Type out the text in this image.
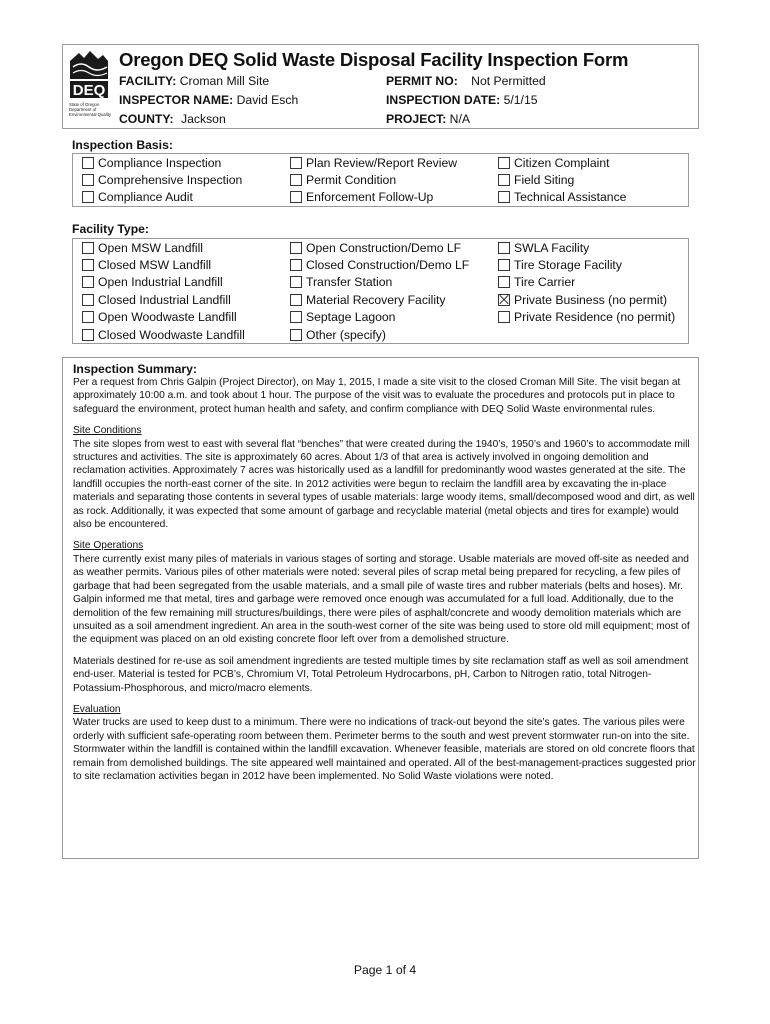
DEQ
State of Oregon Department of Environmental Quality
Oregon DEQ Solid Waste Disposal Facility Inspection Form
FACILITY: Croman Mill Site	PERMIT NO: Not Permitted
INSPECTOR NAME: David Esch	INSPECTION DATE: 5/1/15
COUNTY: Jackson	PROJECT: N/A
Inspection Basis:
Compliance Inspection
Comprehensive Inspection
Compliance Audit
Plan Review/Report Review
Permit Condition
Enforcement Follow-Up
Citizen Complaint
Field Siting
Technical Assistance
Facility Type:
Open MSW Landfill
Closed MSW Landfill
Open Industrial Landfill
Closed Industrial Landfill
Open Woodwaste Landfill
Closed Woodwaste Landfill
Open Construction/Demo LF
Closed Construction/Demo LF
Transfer Station
Material Recovery Facility
Septage Lagoon
Other (specify)
SWLA Facility
Tire Storage Facility
Tire Carrier
Private Business (no permit)
Private Residence (no permit)
Inspection Summary:

Per a request from Chris Galpin (Project Director), on May 1, 2015, I made a site visit to the closed Croman Mill Site. The visit began at approximately 10:00 a.m. and took about 1 hour. The purpose of the visit was to evaluate the procedures and protocols put in place to safeguard the environment, protect human health and safety, and confirm compliance with DEQ Solid Waste environmental rules.

Site Conditions
The site slopes from west to east with several flat “benches” that were created during the 1940’s, 1950’s and 1960’s to accommodate mill structures and activities. The site is approximately 60 acres. About 1/3 of that area is actively involved in ongoing demolition and reclamation activities. Approximately 7 acres was historically used as a landfill for predominantly wood wastes generated at the site. The landfill occupies the north-east corner of the site. In 2012 activities were begun to reclaim the landfill area by excavating the in-place materials and separating those contents in several types of usable materials: large woody items, small/decomposed wood and dirt, as well as rock. Additionally, it was expected that some amount of garbage and recyclable material (metal objects and tires for example) would also be encountered.

Site Operations
There currently exist many piles of materials in various stages of sorting and storage. Usable materials are moved off-site as needed and as weather permits. Various piles of other materials were noted: several piles of scrap metal being prepared for recycling, a few piles of garbage that had been segregated from the usable materials, and a small pile of waste tires and rubber materials (belts and hoses). Mr. Galpin informed me that metal, tires and garbage were removed once enough was accumulated for a full load. Additionally, due to the demolition of the few remaining mill structures/buildings, there were piles of asphalt/concrete and woody demolition materials which are unsuited as a soil amendment ingredient. An area in the south-west corner of the site was being used to store old mill equipment; most of the equipment was placed on an old existing concrete floor left over from a demolished structure.

Materials destined for re-use as soil amendment ingredients are tested multiple times by site reclamation staff as well as soil amendment end-user. Material is tested for PCB’s, Chromium VI, Total Petroleum Hydrocarbons, pH, Carbon to Nitrogen ratio, total Nitrogen-Potassium-Phosphorous, and micro/macro elements.

Evaluation
Water trucks are used to keep dust to a minimum. There were no indications of track-out beyond the site’s gates. The various piles were orderly with sufficient safe-operating room between them. Perimeter berms to the south and west prevent stormwater run-on into the site. Stormwater within the landfill is contained within the landfill excavation. Whenever feasible, materials are stored on old concrete floors that remain from demolished buildings. The site appeared well maintained and operated. All of the best-management-practices suggested prior to site reclamation activities began in 2012 have been implemented. No Solid Waste violations were noted.

Page 1 of 4
